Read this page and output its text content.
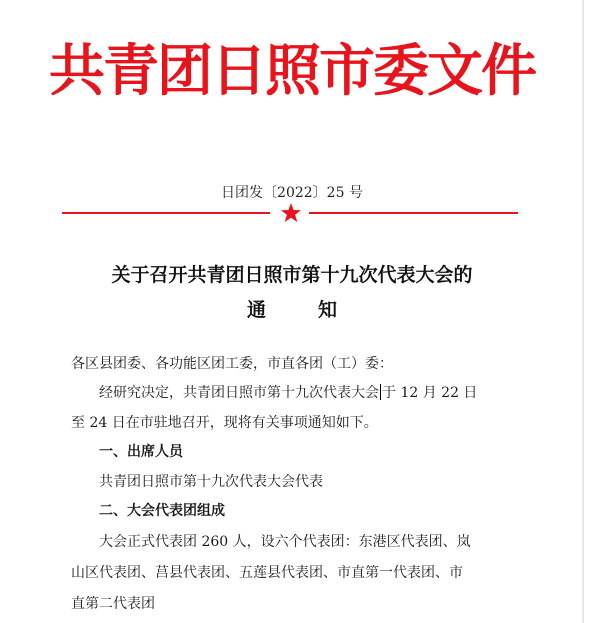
共青团日照市委文件
日团发〔2022〕25 号
关于召开共青团日照市第十九次代表大会的
通	知
各区县团委、各功能区团工委，市直各团（工）委：
经研究决定，共青团日照市第十九次代表大会 于 12 月 22 日
至 24 日在市驻地召开，现将有关事项通知如下。
一、出席人员
共青团日照市第十九次代表大会代表
二、大会代表团组成
大会正式代表团 260 人，设六个代表团：东港区代表团、岚
山区代表团、莒县代表团、五莲县代表团、市直第一代表团、市
直第二代表团
